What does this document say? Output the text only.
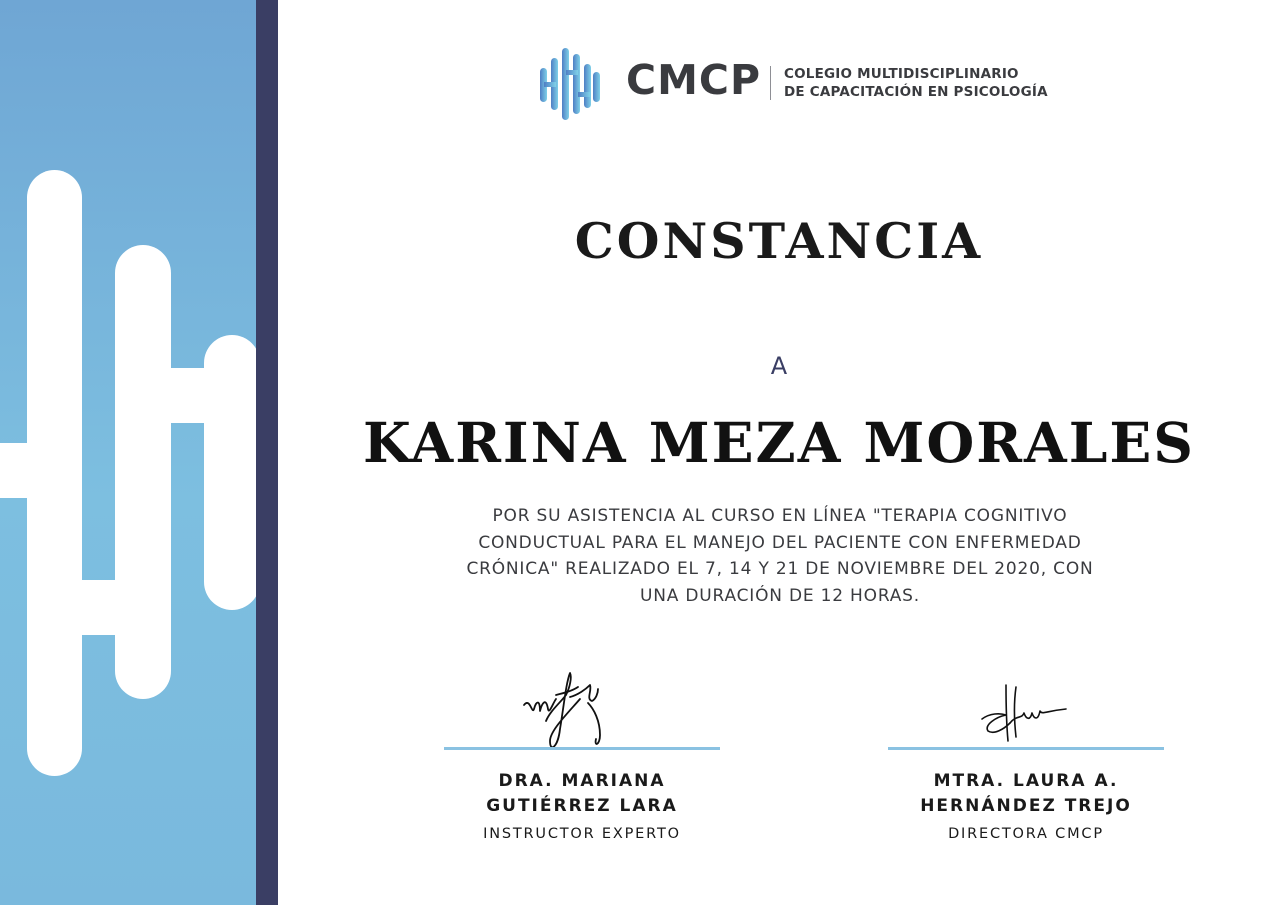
CMCP COLEGIO MULTIDISCIPLINARIO
DE CAPACITACIÓN EN PSICOLOGÍA
CONSTANCIA
A
KARINA MEZA MORALES
POR SU ASISTENCIA AL CURSO EN LÍNEA "TERAPIA COGNITIVO
CONDUCTUAL PARA EL MANEJO DEL PACIENTE CON ENFERMEDAD
CRÓNICA" REALIZADO EL 7, 14 Y 21 DE NOVIEMBRE DEL 2020, CON
UNA DURACIÓN DE 12 HORAS.
DRA. MARIANA
GUTIÉRREZ LARA
INSTRUCTOR EXPERTO
MTRA. LAURA A.
HERNÁNDEZ TREJO
DIRECTORA CMCP
